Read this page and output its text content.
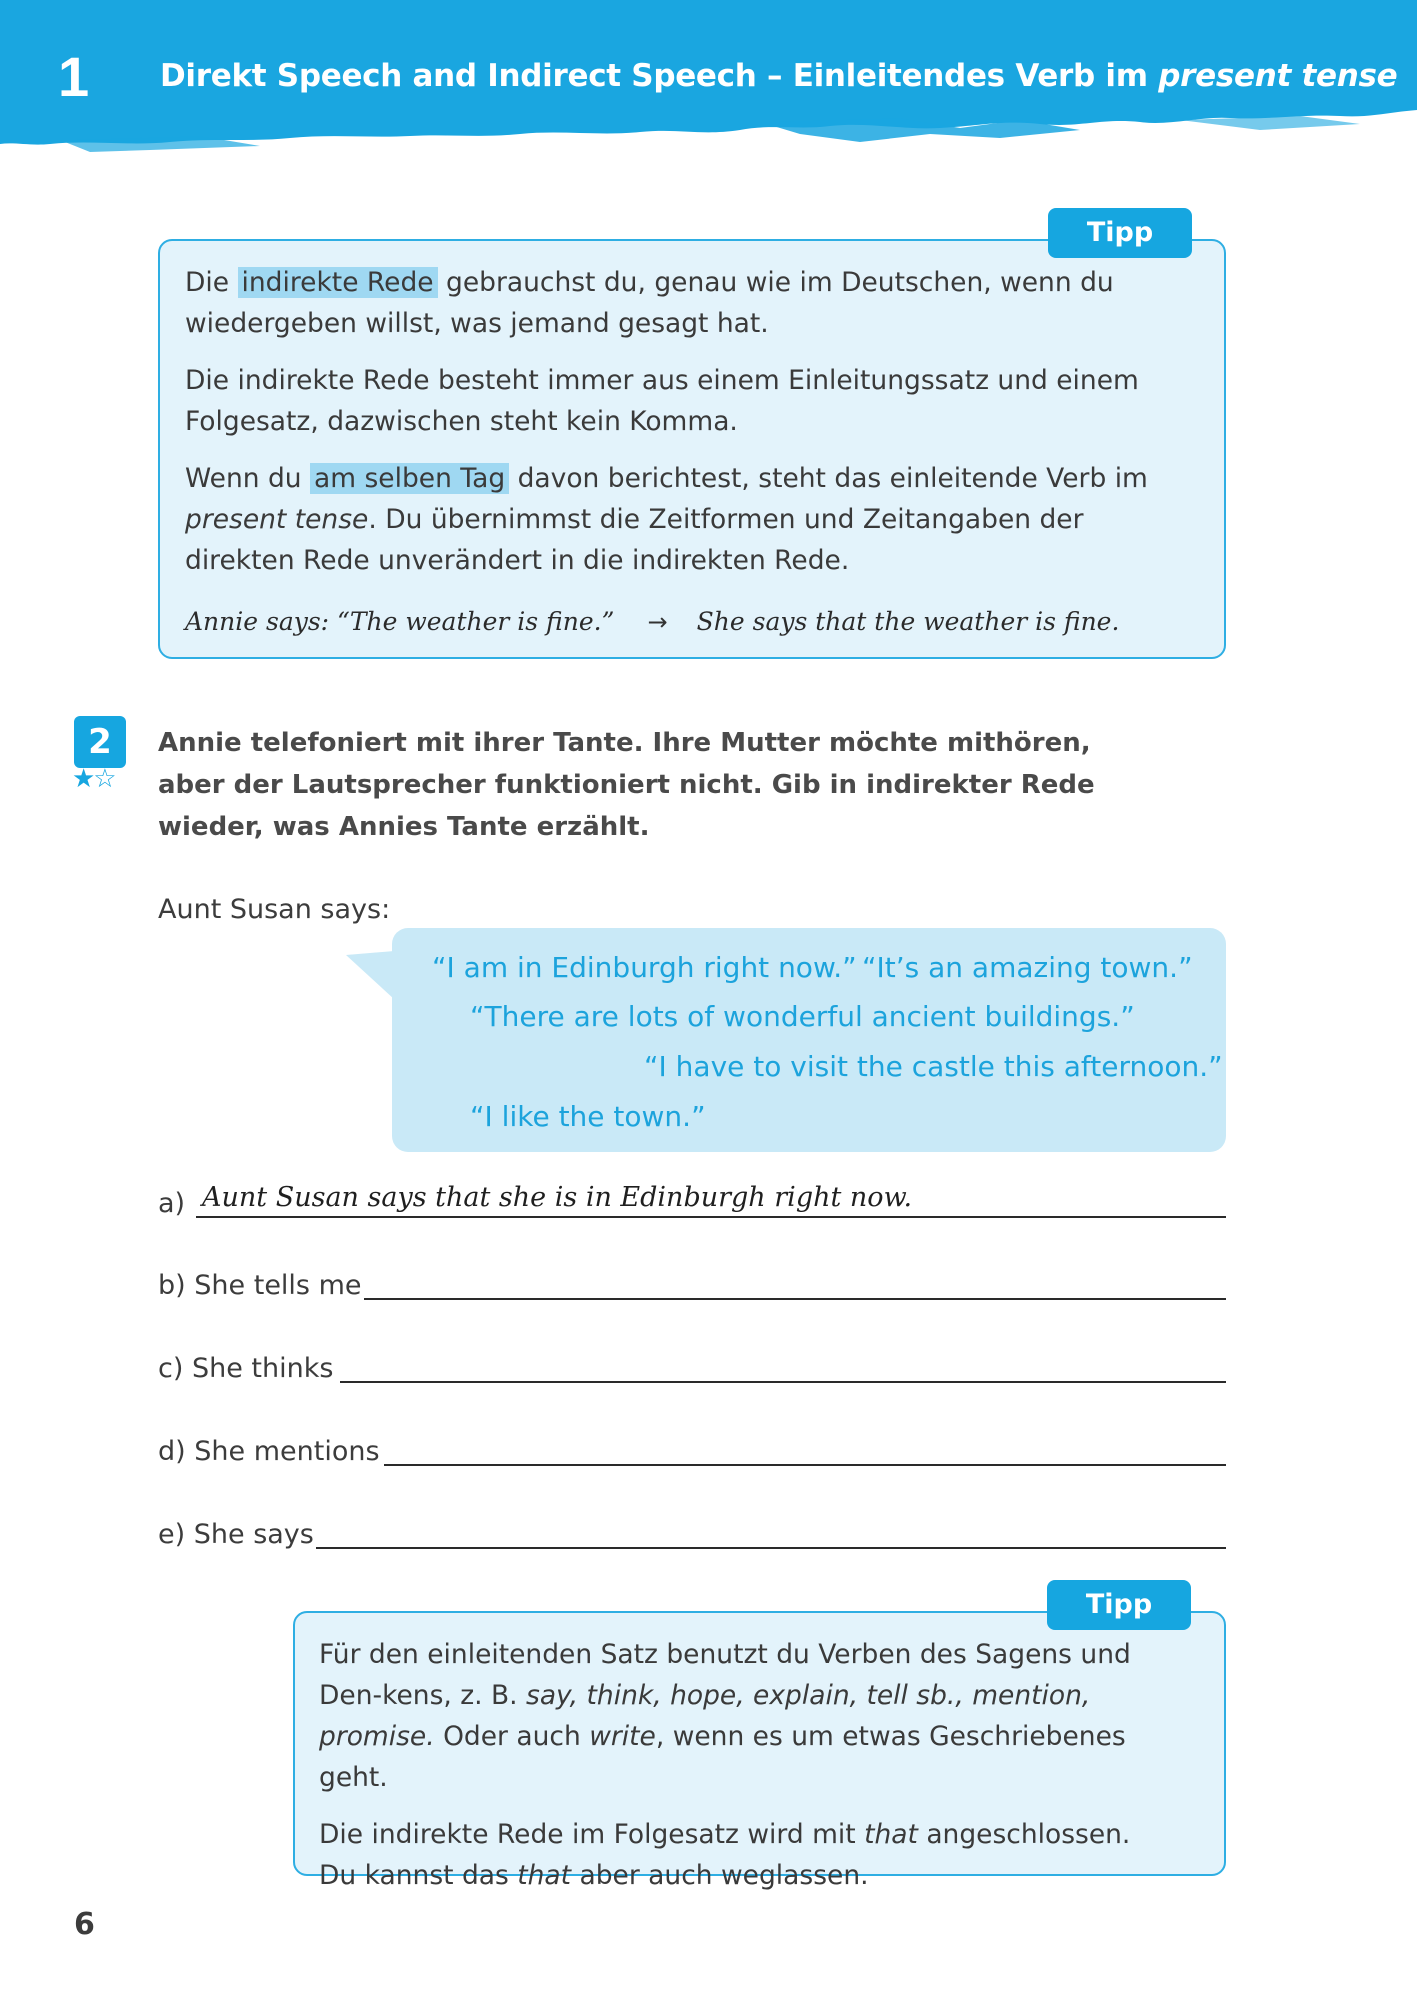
1 Direkt Speech and Indirect Speech – Einleitendes Verb im present tense
Tipp

Die indirekte Rede gebrauchst du, genau wie im Deutschen, wenn du wiedergeben willst, was jemand gesagt hat.

Die indirekte Rede besteht immer aus einem Einleitungssatz und einem Folgesatz, dazwischen steht kein Komma.

Wenn du am selben Tag davon berichtest, steht das einleitende Verb im present tense. Du übernimmst die Zeitformen und Zeitangaben der direkten Rede unverändert in die indirekten Rede.

Annie says: “The weather is fine.” → She says that the weather is fine.
2
★☆
Annie telefoniert mit ihrer Tante. Ihre Mutter möchte mithören, aber der Lautsprecher funktioniert nicht. Gib in indirekter Rede wieder, was Annies Tante erzählt.
Aunt Susan says:
“I am in Edinburgh right now.” “It’s an amazing town.”
“There are lots of wonderful ancient buildings.”
“I have to visit the castle this afternoon.”
“I like the town.”
a) Aunt Susan says that she is in Edinburgh right now.
b) She tells me
c) She thinks
d) She mentions
e) She says
Tipp

Für den einleitenden Satz benutzt du Verben des Sagens und Den-kens, z. B. say, think, hope, explain, tell sb., mention, promise. Oder auch write, wenn es um etwas Geschriebenes geht.

Die indirekte Rede im Folgesatz wird mit that angeschlossen.

Du kannst das that aber auch weglassen.

6
